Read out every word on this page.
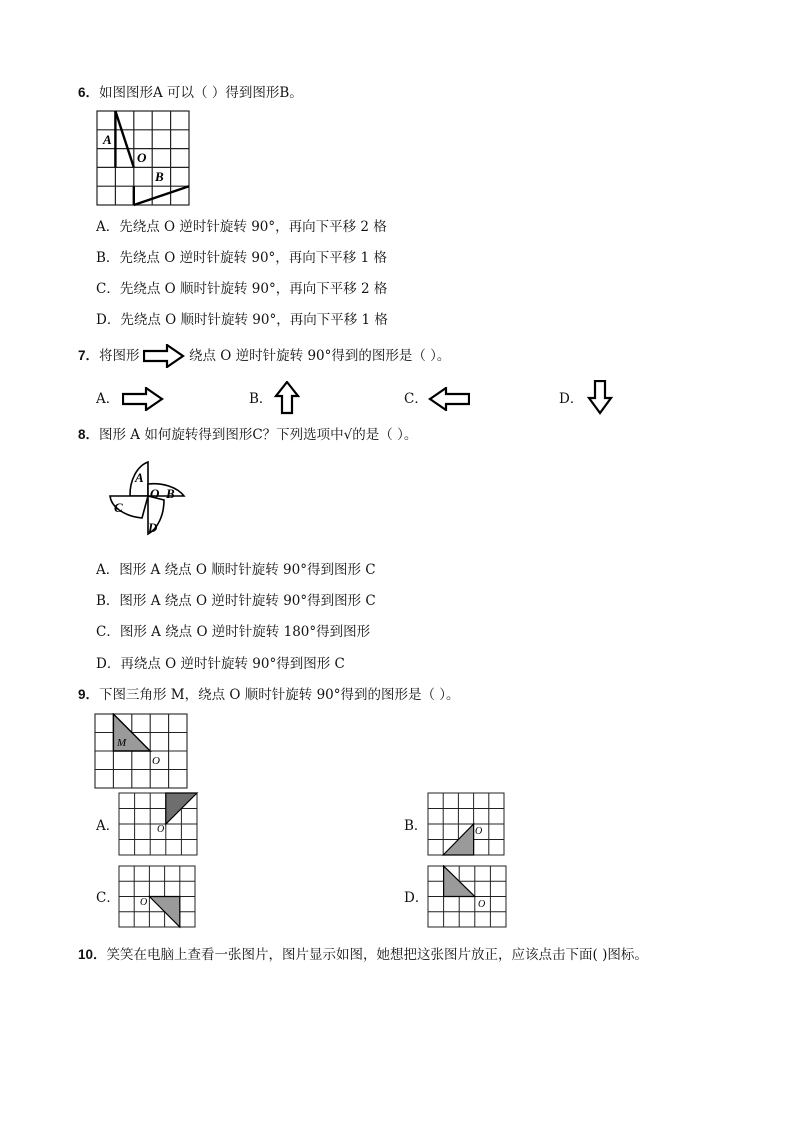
6．如图图形A 可以（ ）得到图形B。
A
O
B
A．先绕点 O 逆时针旋转 90°，再向下平移 2 格
B．先绕点 O 逆时针旋转 90°，再向下平移 1 格
C．先绕点 O 顺时针旋转 90°，再向下平移 2 格
D．先绕点 O 顺时针旋转 90°，再向下平移 1 格
7．将图形	绕点 O 逆时针旋转 90°得到的图形是（ ）。
A．	B．	C．	D．
8．图形 A 如何旋转得到图形C？下列选项中√的是（ ）。
A
O B
C
D
A．图形 A 绕点 O 顺时针旋转 90°得到图形 C
B．图形 A 绕点 O 逆时针旋转 90°得到图形 C
C．图形 A 绕点 O 逆时针旋转 180°得到图形
D．再绕点 O 逆时针旋转 90°得到图形 C
9．下图三角形 M，绕点 O 顺时针旋转 90°得到的图形是（ ）。
M
O
A．	O	B．	O
C． O	D．	O
10．笑笑在电脑上查看一张图片，图片显示如图，她想把这张图片放正，应该点击下面( )图标。
